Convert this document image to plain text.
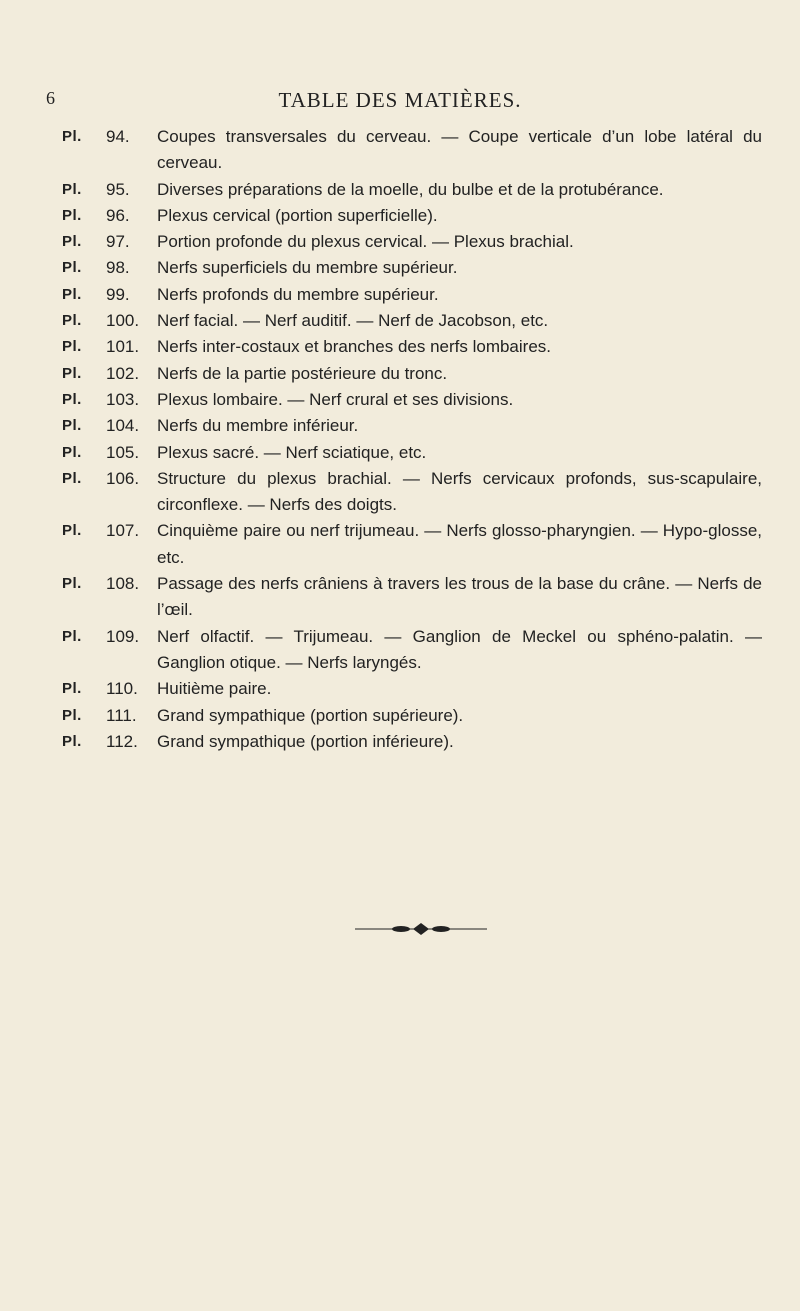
6	TABLE DES MATIÈRES.
Pl.	94.	Coupes transversales du cerveau. — Coupe verticale d’un lobe latéral du cerveau.
Pl.	95.	Diverses préparations de la moelle, du bulbe et de la protubérance.
Pl.	96.	Plexus cervical (portion superficielle).
Pl.	97.	Portion profonde du plexus cervical. — Plexus brachial.
Pl.	98.	Nerfs superficiels du membre supérieur.
Pl.	99.	Nerfs profonds du membre supérieur.
Pl.	100.	Nerf facial. — Nerf auditif. — Nerf de Jacobson, etc.
Pl.	101.	Nerfs inter-costaux et branches des nerfs lombaires.
Pl.	102.	Nerfs de la partie postérieure du tronc.
Pl.	103.	Plexus lombaire. — Nerf crural et ses divisions.
Pl.	104.	Nerfs du membre inférieur.
Pl.	105.	Plexus sacré. — Nerf sciatique, etc.
Pl.	106.	Structure du plexus brachial. — Nerfs cervicaux profonds, sus-scapulaire, circonflexe. — Nerfs des doigts.
Pl.	107.	Cinquième paire ou nerf trijumeau. — Nerfs glosso-pharyngien. — Hypo-glosse, etc.
Pl.	108.	Passage des nerfs crâniens à travers les trous de la base du crâne. — Nerfs de l’œil.
Pl.	109.	Nerf olfactif. — Trijumeau. — Ganglion de Meckel ou sphéno-palatin. — Ganglion otique. — Nerfs laryngés.
Pl.	110.	Huitième paire.
Pl.	111.	Grand sympathique (portion supérieure).
Pl.	112.	Grand sympathique (portion inférieure).
